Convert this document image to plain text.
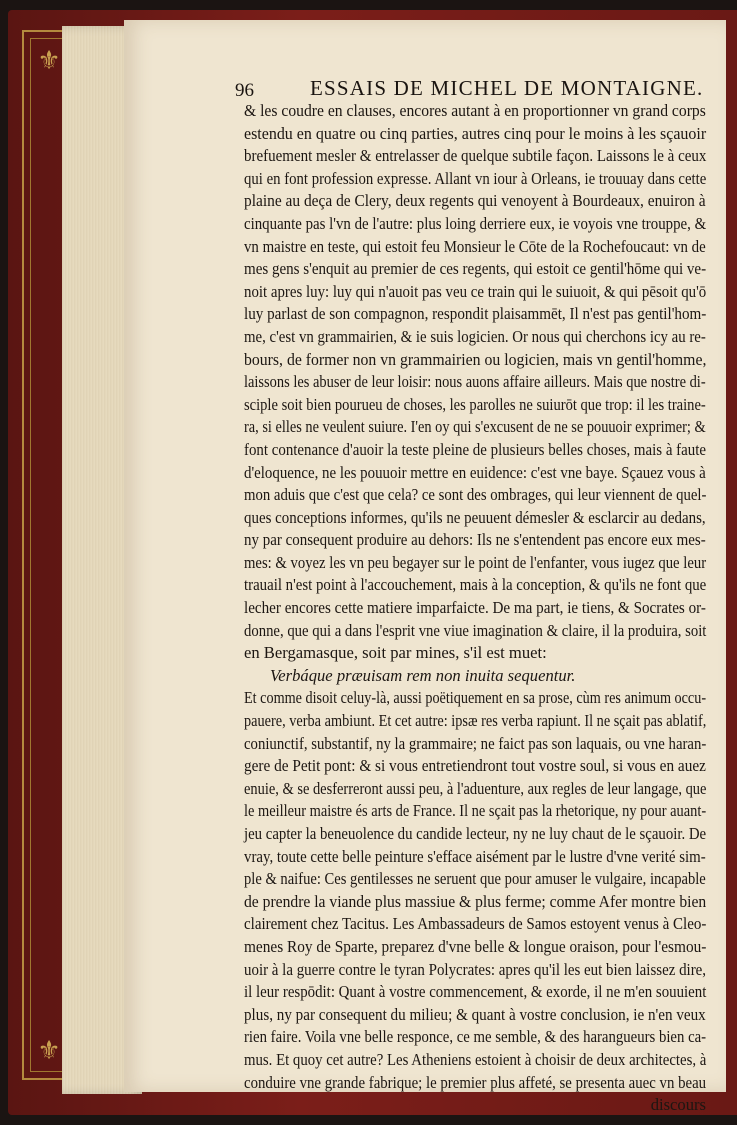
⚜
⚜
96	ESSAIS DE MICHEL DE MONTAIGNE.
& les coudre en clauses, encores autant à en proportionner vn grand corps
estendu en quatre ou cinq parties, autres cinq pour le moins à les sçauoir
brefuement mesler & entrelasser de quelque subtile façon. Laissons le à ceux
qui en font profession expresse. Allant vn iour à Orleans, ie trouuay dans cette
plaine au deça de Clery, deux regents qui venoyent à Bourdeaux, enuiron à
cinquante pas l'vn de l'autre: plus loing derriere eux, ie voyois vne trouppe, &
vn maistre en teste, qui estoit feu Monsieur le Cōte de la Rochefoucaut: vn de
mes gens s'enquit au premier de ces regents, qui estoit ce gentil'hōme qui ve-
noit apres luy: luy qui n'auoit pas veu ce train qui le suiuoit, & qui pēsoit qu'ō
luy parlast de son compagnon, respondit plaisammēt, Il n'est pas gentil'hom-
me, c'est vn grammairien, & ie suis logicien. Or nous qui cherchons icy au re-
bours, de former non vn grammairien ou logicien, mais vn gentil'homme,
laissons les abuser de leur loisir: nous auons affaire ailleurs. Mais que nostre di-
sciple soit bien pourueu de choses, les parolles ne suiurōt que trop: il les traine-
ra, si elles ne veulent suiure. I'en oy qui s'excusent de ne se pouuoir exprimer; &
font contenance d'auoir la teste pleine de plusieurs belles choses, mais à faute
d'eloquence, ne les pouuoir mettre en euidence: c'est vne baye. Sçauez vous à
mon aduis que c'est que cela? ce sont des ombrages, qui leur viennent de quel-
ques conceptions informes, qu'ils ne peuuent démesler & esclarcir au dedans,
ny par consequent produire au dehors: Ils ne s'entendent pas encore eux mes-
mes: & voyez les vn peu begayer sur le point de l'enfanter, vous iugez que leur
trauail n'est point à l'accouchement, mais à la conception, & qu'ils ne font que
lecher encores cette matiere imparfaicte. De ma part, ie tiens, & Socrates or-
donne, que qui a dans l'esprit vne viue imagination & claire, il la produira, soit
en Bergamasque, soit par mines, s'il est muet:
Verbáque præuisam rem non inuita sequentur.
Et comme disoit celuy-là, aussi poëtiquement en sa prose, cùm res animum occu-
pauere, verba ambiunt. Et cet autre: ipsæ res verba rapiunt. Il ne sçait pas ablatif,
coniunctif, substantif, ny la grammaire; ne faict pas son laquais, ou vne haran-
gere de Petit pont: & si vous entretiendront tout vostre soul, si vous en auez
enuie, & se desferreront aussi peu, à l'aduenture, aux regles de leur langage, que
le meilleur maistre és arts de France. Il ne sçait pas la rhetorique, ny pour auant-
jeu capter la beneuolence du candide lecteur, ny ne luy chaut de le sçauoir. De
vray, toute cette belle peinture s'efface aisément par le lustre d'vne verité sim-
ple & naifue: Ces gentilesses ne seruent que pour amuser le vulgaire, incapable
de prendre la viande plus massiue & plus ferme; comme Afer montre bien
clairement chez Tacitus. Les Ambassadeurs de Samos estoyent venus à Cleo-
menes Roy de Sparte, preparez d'vne belle & longue oraison, pour l'esmou-
uoir à la guerre contre le tyran Polycrates: apres qu'il les eut bien laissez dire,
il leur respōdit: Quant à vostre commencement, & exorde, il ne m'en souuient
plus, ny par consequent du milieu; & quant à vostre conclusion, ie n'en veux
rien faire. Voila vne belle responce, ce me semble, & des harangueurs bien ca-
mus. Et quoy cet autre? Les Atheniens estoient à choisir de deux architectes, à
conduire vne grande fabrique; le premier plus affeté, se presenta auec vn beau
discours
